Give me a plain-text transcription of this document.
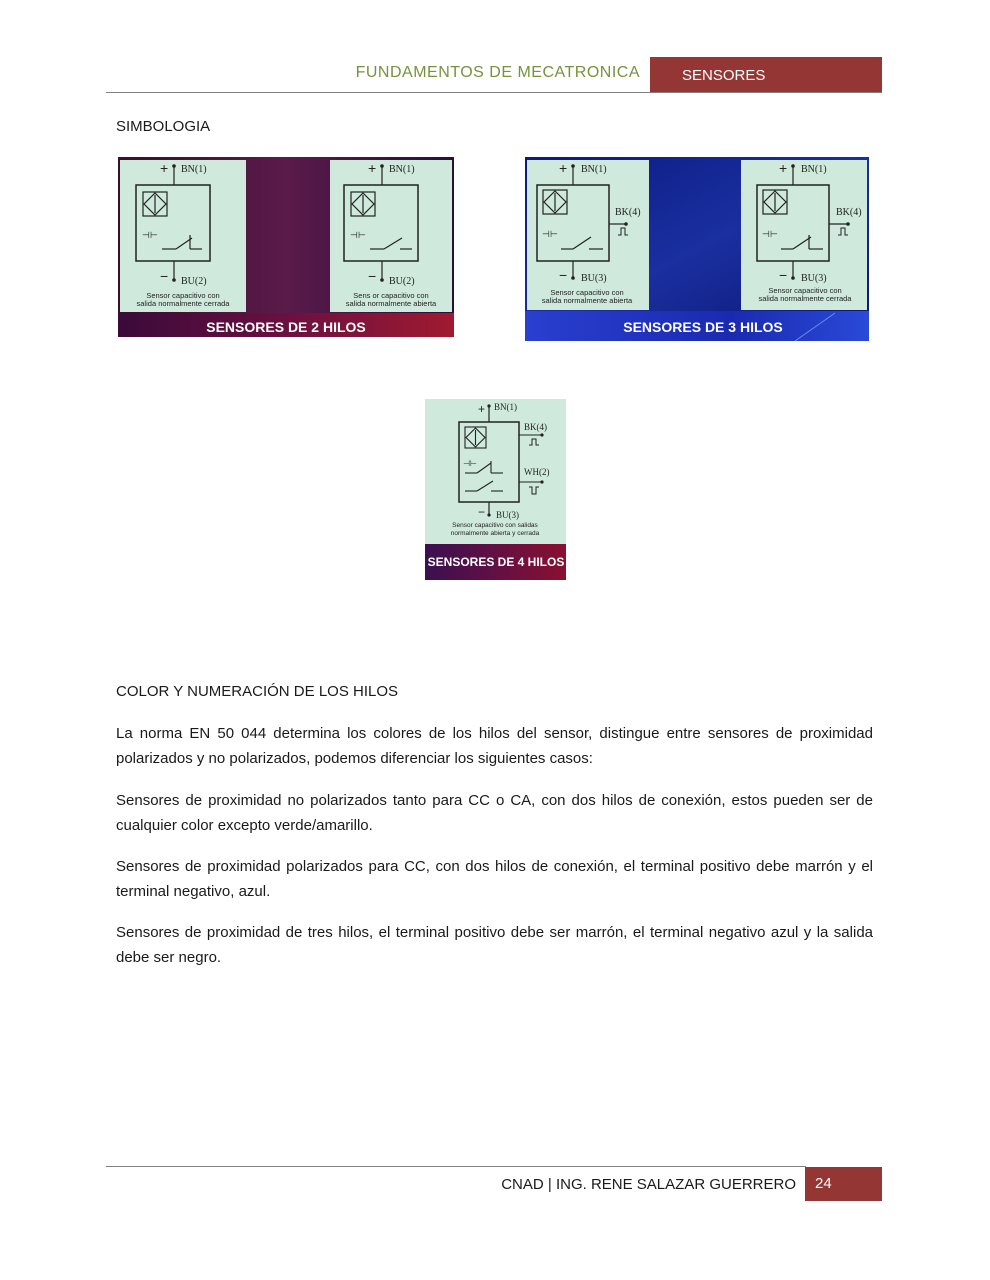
FUNDAMENTOS DE MECATRONICA	SENSORES
SIMBOLOGIA
+
−
⊣⊢
BN(1)
BU(2)
Sensor capacitivo con
salida normalmente cerrada
+
−
⊣⊢
BN(1)
BU(2)
Sens or capacitivo con
salida normalmente abierta
SENSORES DE 2 HILOS
+
−
⊣⊢
BN(1)
BK(4)
BU(3)
Sensor capacitivo con
salida normalmente abierta
+
−
⊣⊢
BN(1)
BK(4)
BU(3)
Sensor capacitivo con
salida normalmente cerrada
SENSORES DE 3 HILOS
+
−
⊣⊢
BN(1)
BK(4)
WH(2)
BU(3)
Sensor capacitivo con salidas
normalmente abierta y cerrada
SENSORES DE 4 HILOS
COLOR Y NUMERACIÓN DE LOS HILOS
La norma EN 50 044 determina los colores de los hilos del sensor, distingue entre sensores de proximidad polarizados y no polarizados, podemos diferenciar los siguientes casos:
Sensores de proximidad no polarizados tanto para CC o CA, con dos hilos de conexión, estos pueden ser de cualquier color excepto verde/amarillo.
Sensores de proximidad polarizados para CC, con dos hilos de conexión, el terminal positivo debe marrón y el terminal negativo, azul.
Sensores de proximidad de tres hilos, el terminal positivo debe ser marrón, el terminal negativo azul y la salida debe ser negro.
CNAD | ING. RENE SALAZAR GUERRERO	24
